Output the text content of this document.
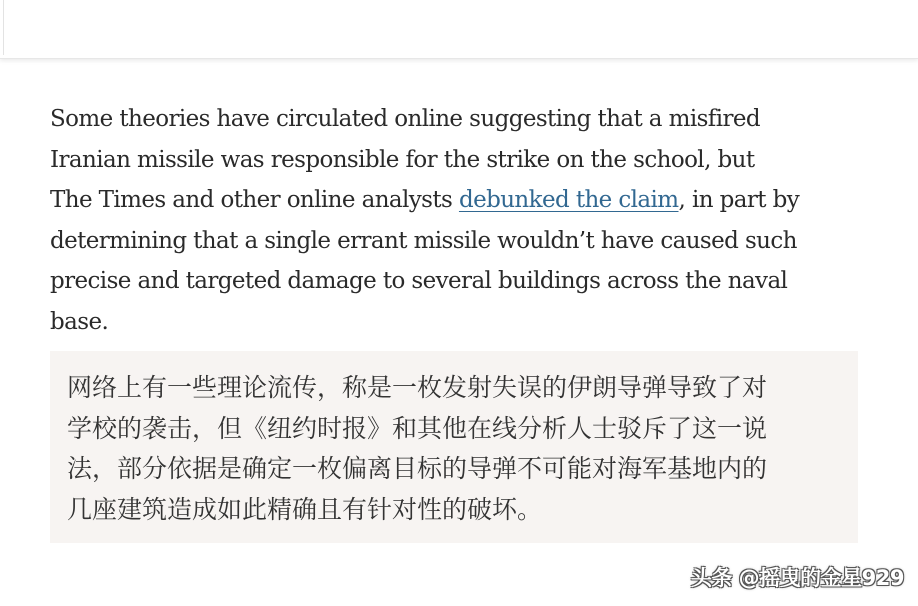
Some theories have circulated online suggesting that a misfired
Iranian missile was responsible for the strike on the school, but
The Times and other online analysts debunked the claim, in part by
determining that a single errant missile wouldn’t have caused such
precise and targeted damage to several buildings across the naval
base.

网络上有一些理论流传，称是一枚发射失误的伊朗导弹导致了对
学校的袭击，但《纽约时报》和其他在线分析人士驳斥了这一说
法，部分依据是确定一枚偏离目标的导弹不可能对海军基地内的
几座建筑造成如此精确且有针对性的破坏。

头条 @摇曳的金星929
